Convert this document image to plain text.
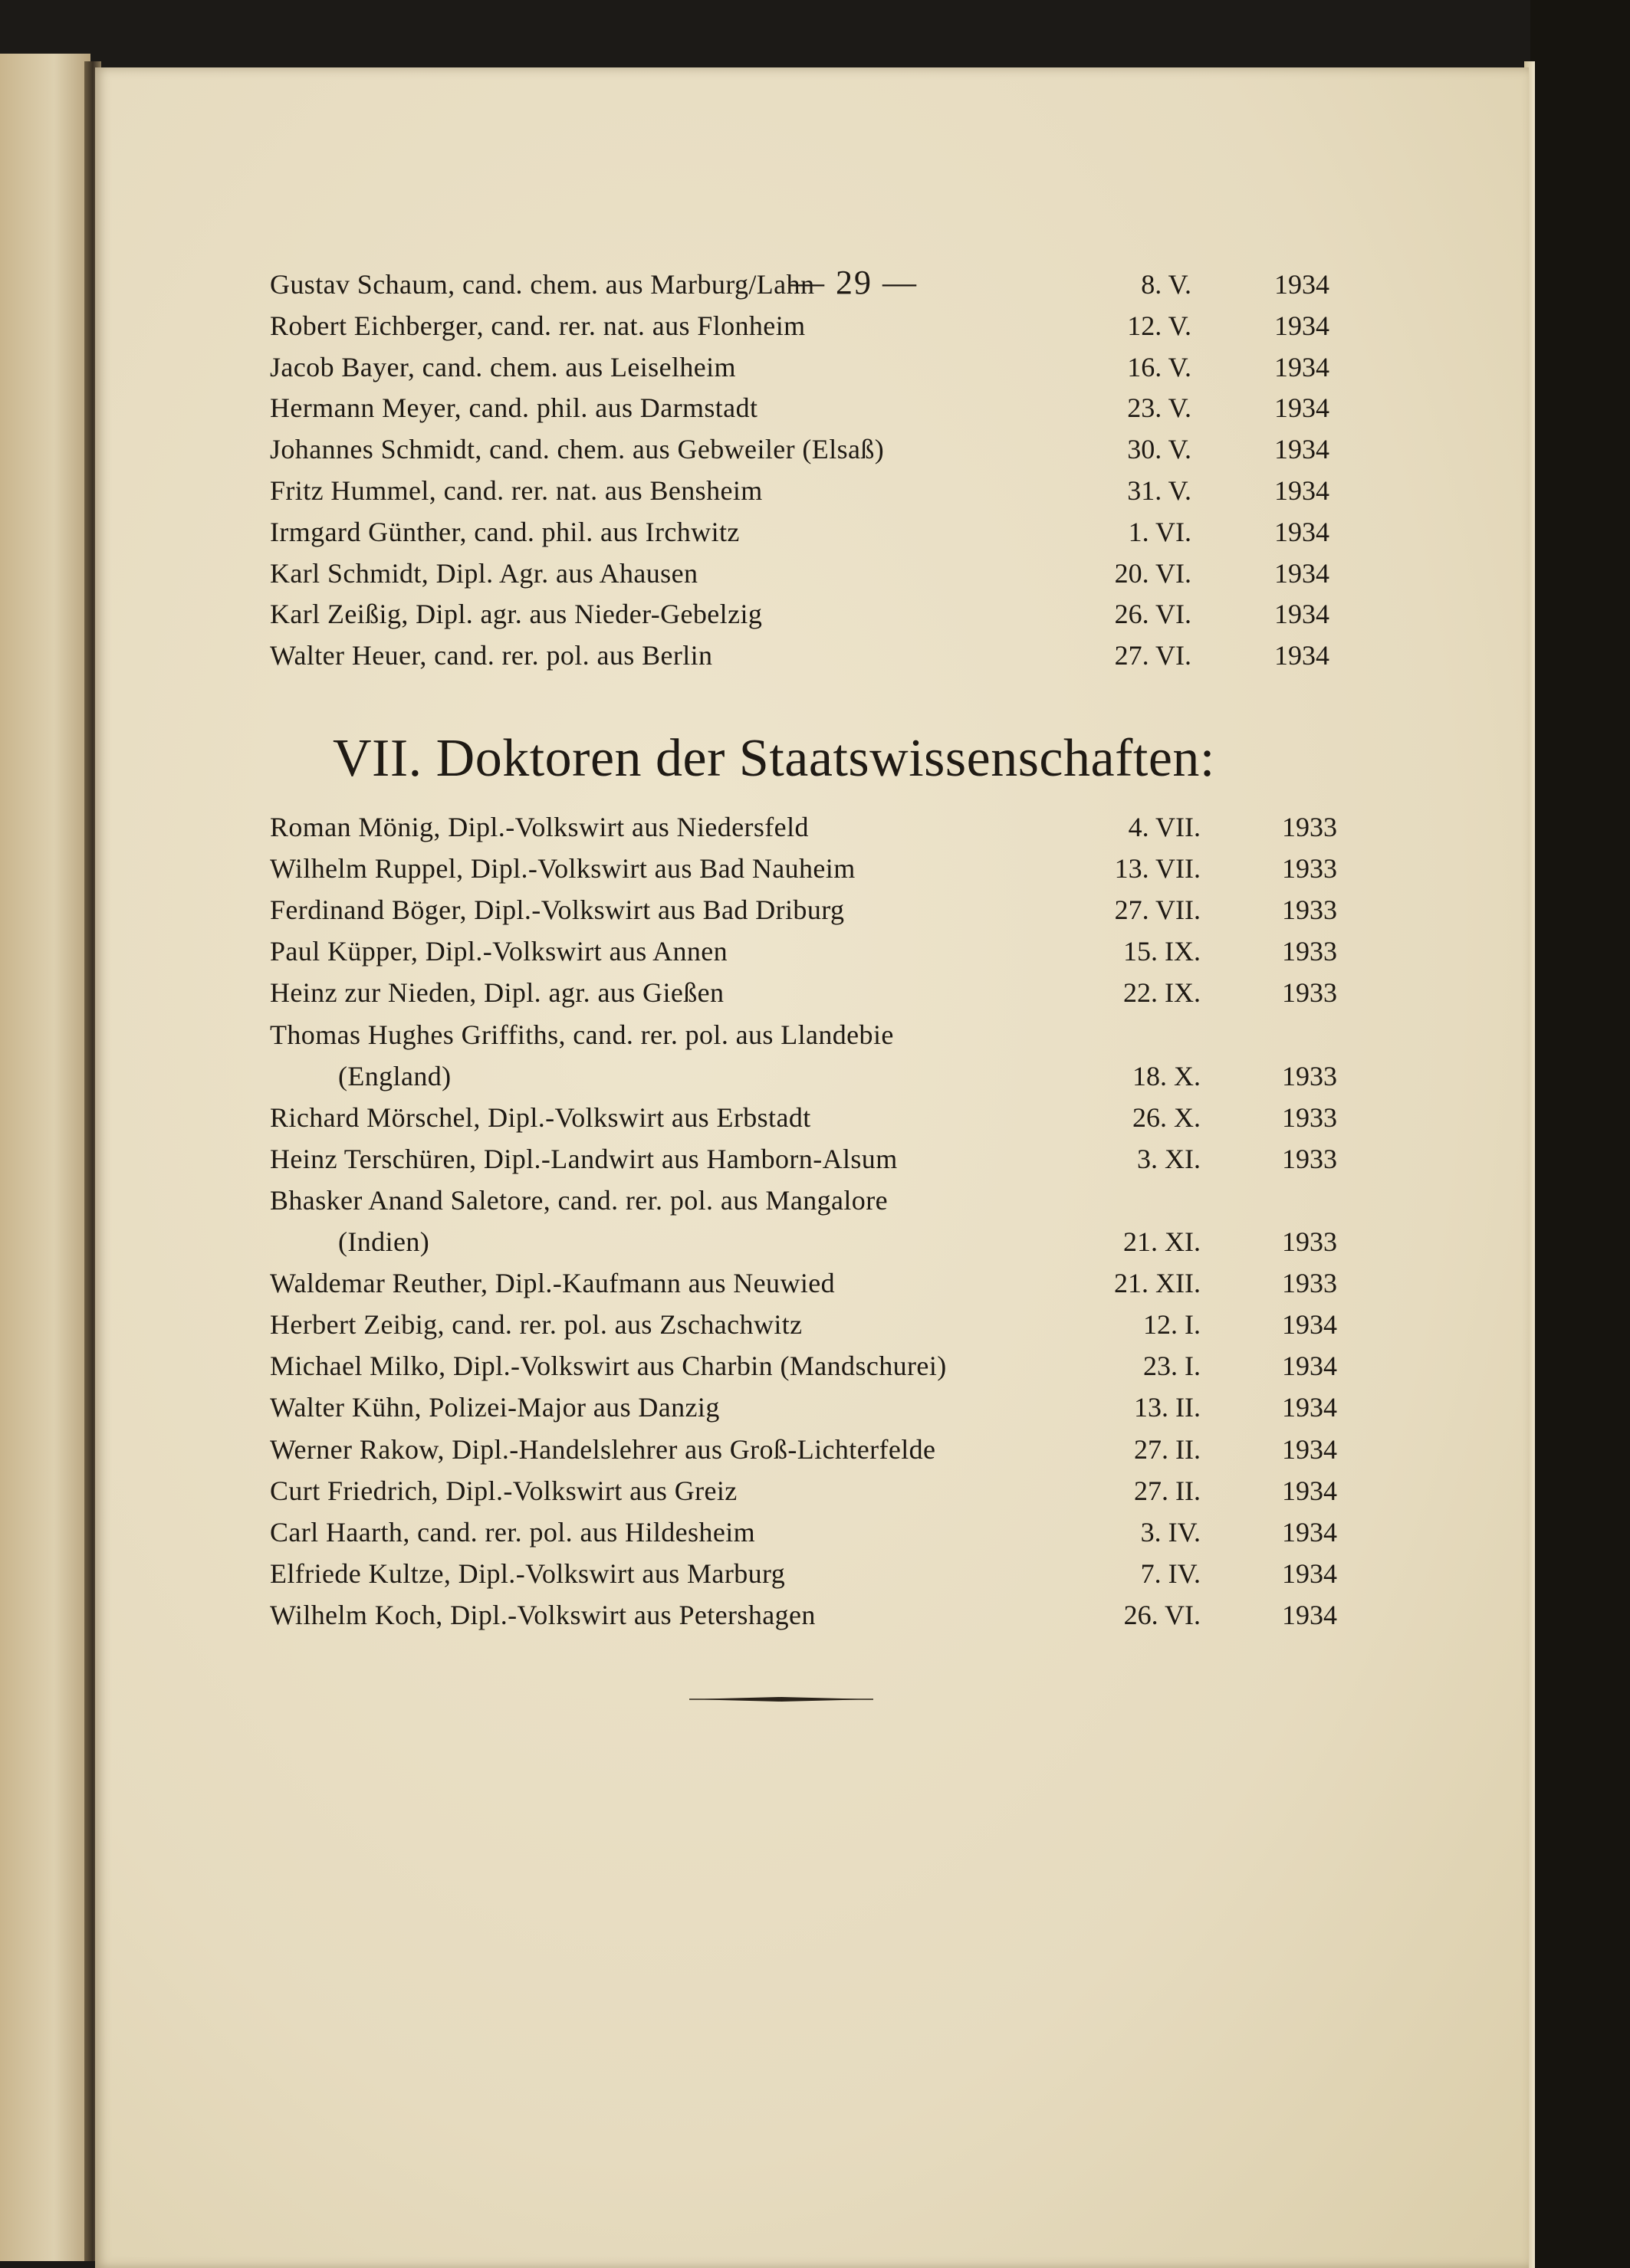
— 29 —
Gustav Schaum, cand. chem. aus Marburg/Lahn	8. V.	1934
Robert Eichberger, cand. rer. nat. aus Flonheim	12. V.	1934
Jacob Bayer, cand. chem. aus Leiselheim	16. V.	1934
Hermann Meyer, cand. phil. aus Darmstadt	23. V.	1934
Johannes Schmidt, cand. chem. aus Gebweiler (Elsaß)	30. V.	1934
Fritz Hummel, cand. rer. nat. aus Bensheim	31. V.	1934
Irmgard Günther, cand. phil. aus Irchwitz	1. VI.	1934
Karl Schmidt, Dipl. Agr. aus Ahausen	20. VI.	1934
Karl Zeißig, Dipl. agr. aus Nieder-Gebelzig	26. VI.	1934
Walter Heuer, cand. rer. pol. aus Berlin	27. VI.	1934
VII. Doktoren der Staatswissenschaften:
Roman Mönig, Dipl.-Volkswirt aus Niedersfeld	4. VII.	1933
Wilhelm Ruppel, Dipl.-Volkswirt aus Bad Nauheim	13. VII.	1933
Ferdinand Böger, Dipl.-Volkswirt aus Bad Driburg	27. VII.	1933
Paul Küpper, Dipl.-Volkswirt aus Annen	15. IX.	1933
Heinz zur Nieden, Dipl. agr. aus Gießen	22. IX.	1933
Thomas Hughes Griffiths, cand. rer. pol. aus Llandebie
(England)	18. X.	1933
Richard Mörschel, Dipl.-Volkswirt aus Erbstadt	26. X.	1933
Heinz Terschüren, Dipl.-Landwirt aus Hamborn-Alsum	3. XI.	1933
Bhasker Anand Saletore, cand. rer. pol. aus Mangalore
(Indien)	21. XI.	1933
Waldemar Reuther, Dipl.-Kaufmann aus Neuwied	21. XII.	1933
Herbert Zeibig, cand. rer. pol. aus Zschachwitz	12. I.	1934
Michael Milko, Dipl.-Volkswirt aus Charbin (Mandschurei)	23. I.	1934
Walter Kühn, Polizei-Major aus Danzig	13. II.	1934
Werner Rakow, Dipl.-Handelslehrer aus Groß-Lichterfelde	27. II.	1934
Curt Friedrich, Dipl.-Volkswirt aus Greiz	27. II.	1934
Carl Haarth, cand. rer. pol. aus Hildesheim	3. IV.	1934
Elfriede Kultze, Dipl.-Volkswirt aus Marburg	7. IV.	1934
Wilhelm Koch, Dipl.-Volkswirt aus Petershagen	26. VI.	1934
